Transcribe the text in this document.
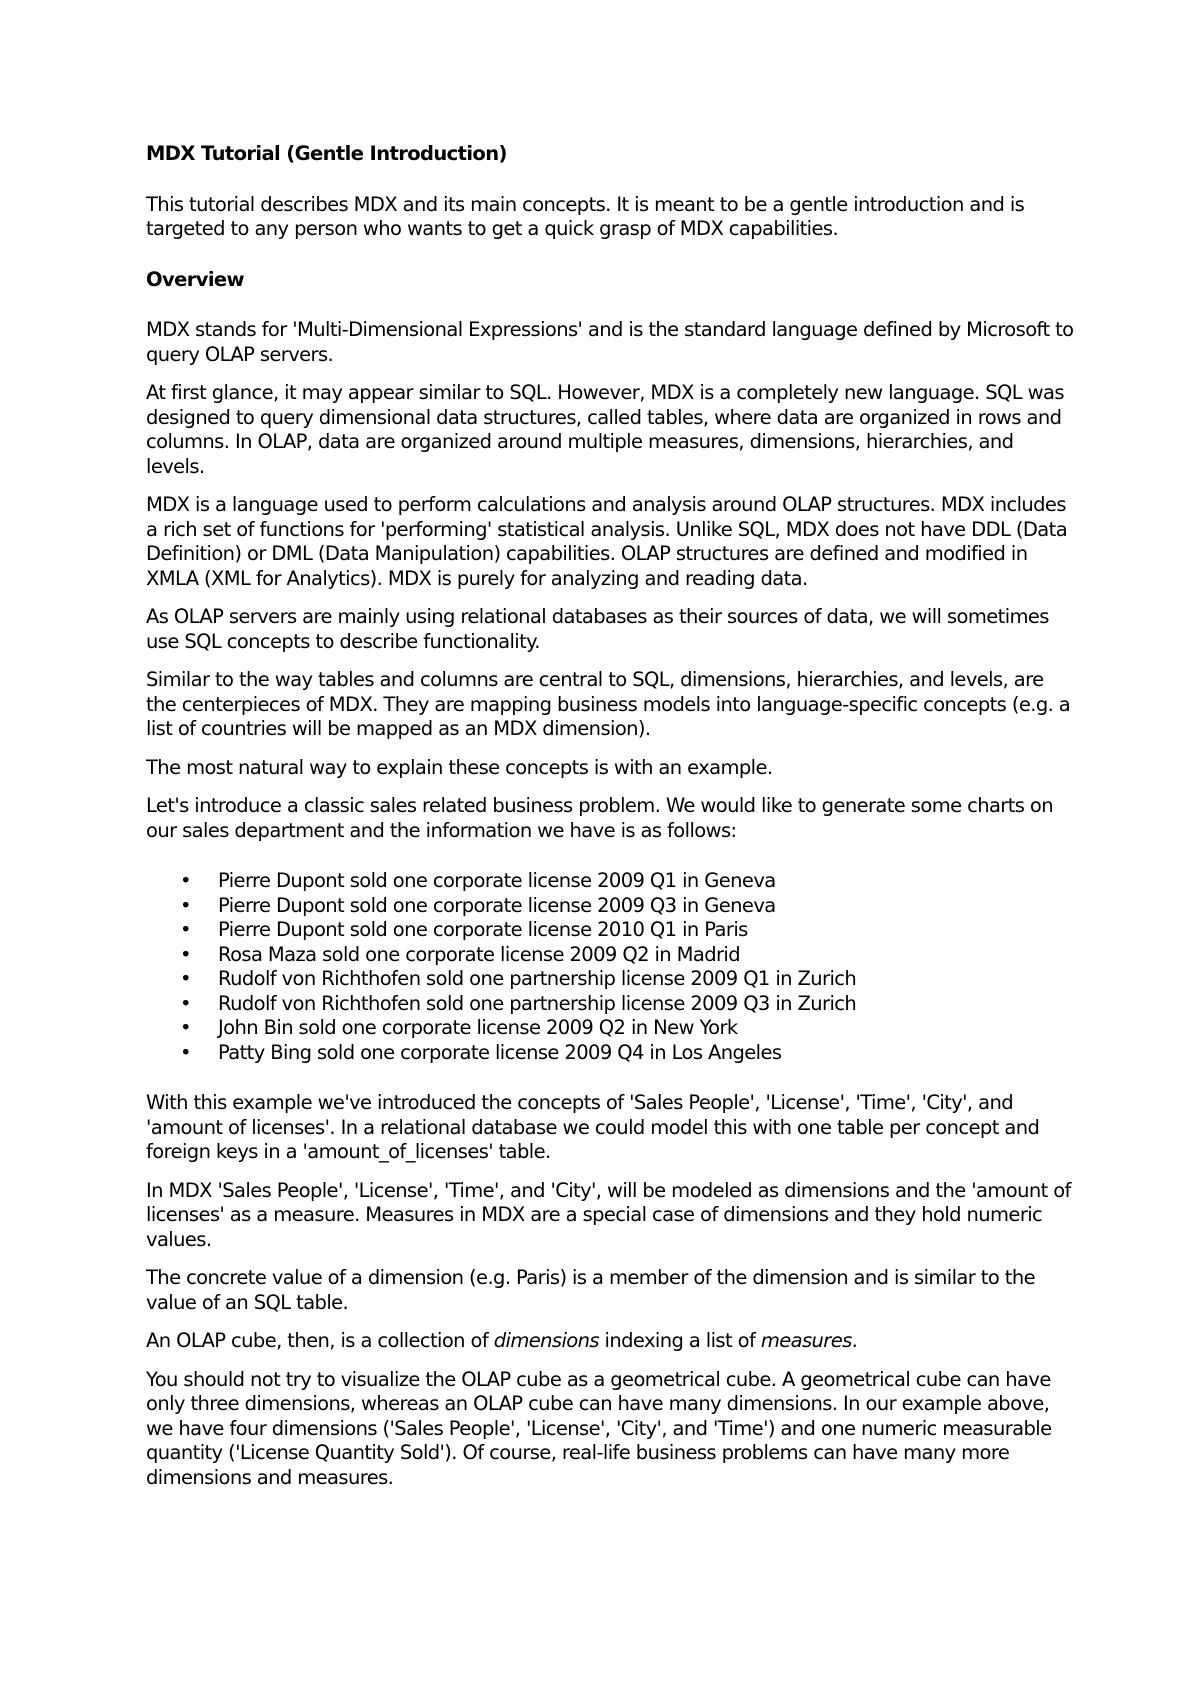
MDX Tutorial (Gentle Introduction)

This tutorial describes MDX and its main concepts. It is meant to be a gentle introduction and is targeted to any person who wants to get a quick grasp of MDX capabilities.

Overview

MDX stands for 'Multi-Dimensional Expressions' and is the standard language defined by Microsoft to query OLAP servers.

At first glance, it may appear similar to SQL. However, MDX is a completely new language. SQL was designed to query dimensional data structures, called tables, where data are organized in rows and columns. In OLAP, data are organized around multiple measures, dimensions, hierarchies, and levels.

MDX is a language used to perform calculations and analysis around OLAP structures. MDX includes a rich set of functions for 'performing' statistical analysis. Unlike SQL, MDX does not have DDL (Data Definition) or DML (Data Manipulation) capabilities. OLAP structures are defined and modified in XMLA (XML for Analytics). MDX is purely for analyzing and reading data.

As OLAP servers are mainly using relational databases as their sources of data, we will sometimes use SQL concepts to describe functionality.

Similar to the way tables and columns are central to SQL, dimensions, hierarchies, and levels, are the centerpieces of MDX. They are mapping business models into language-specific concepts (e.g. a list of countries will be mapped as an MDX dimension).

The most natural way to explain these concepts is with an example.

Let's introduce a classic sales related business problem. We would like to generate some charts on our sales department and the information we have is as follows:

• Pierre Dupont sold one corporate license 2009 Q1 in Geneva
• Pierre Dupont sold one corporate license 2009 Q3 in Geneva
• Pierre Dupont sold one corporate license 2010 Q1 in Paris
• Rosa Maza sold one corporate license 2009 Q2 in Madrid
• Rudolf von Richthofen sold one partnership license 2009 Q1 in Zurich
• Rudolf von Richthofen sold one partnership license 2009 Q3 in Zurich
• John Bin sold one corporate license 2009 Q2 in New York
• Patty Bing sold one corporate license 2009 Q4 in Los Angeles

With this example we've introduced the concepts of 'Sales People', 'License', 'Time', 'City', and 'amount of licenses'. In a relational database we could model this with one table per concept and foreign keys in a 'amount_of_licenses' table.

In MDX 'Sales People', 'License', 'Time', and 'City', will be modeled as dimensions and the 'amount of licenses' as a measure. Measures in MDX are a special case of dimensions and they hold numeric values.

The concrete value of a dimension (e.g. Paris) is a member of the dimension and is similar to the value of an SQL table.

An OLAP cube, then, is a collection of dimensions indexing a list of measures.

You should not try to visualize the OLAP cube as a geometrical cube. A geometrical cube can have only three dimensions, whereas an OLAP cube can have many dimensions. In our example above, we have four dimensions ('Sales People', 'License', 'City', and 'Time') and one numeric measurable quantity ('License Quantity Sold'). Of course, real-life business problems can have many more dimensions and measures.
